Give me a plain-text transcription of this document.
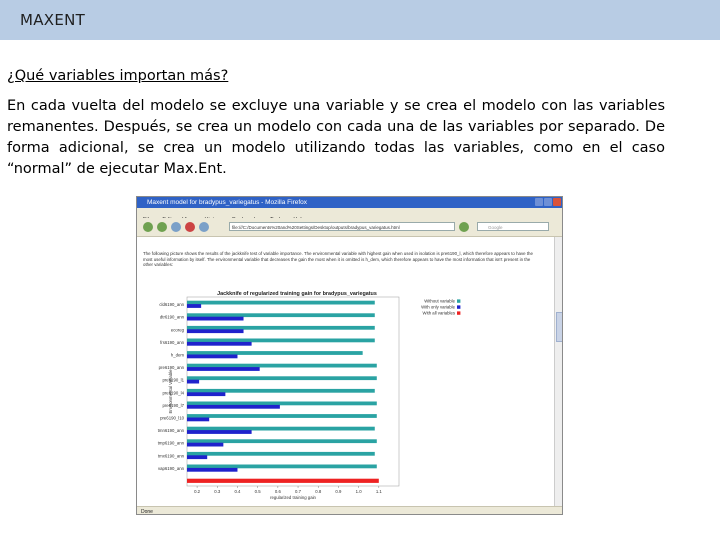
MAXENT
¿Qué variables importan más?
En cada vuelta del modelo se excluye una variable y se crea el modelo con las variables remanentes. Después, se crea un modelo con cada una de las variables por separado. De forma adicional, se crea un modelo utilizando todas las variables, como en el caso “normal” de ejecutar Max.Ent.
Maxent model for bradypus_variegatus - Mozilla Firefox

file:///C:/Documents%20and%20Settings/Desktop/outputs/bradypus_variegatus.html	Google
The following picture shows the results of the jackknife test of variable importance. The environmental variable with highest gain when used in isolation is pre6190_l, which therefore appears to have the most useful information by itself. The environmental variable that decreases the gain the most when it is omitted is h_dem, which therefore appears to have the most information that isn't present in the other variables:
Jackknife of regularized training gain for bradypus_variegatus
cld6190_ann
dtr6190_ann
ecoreg
frs6190_ann
h_dem
pre6190_ann
pre6190_l1
pre6190_l4
pre6190_l7
pre6190_l10
tmn6190_ann
tmp6190_ann
tmx6190_ann
vap6190_ann
0.2	0.3	0.4	0.5	0.6	0.7	0.8	0.9	1.0	1.1
regularized training gain
Environmental Variable
Without variable
With only variable
With all variables
Done
